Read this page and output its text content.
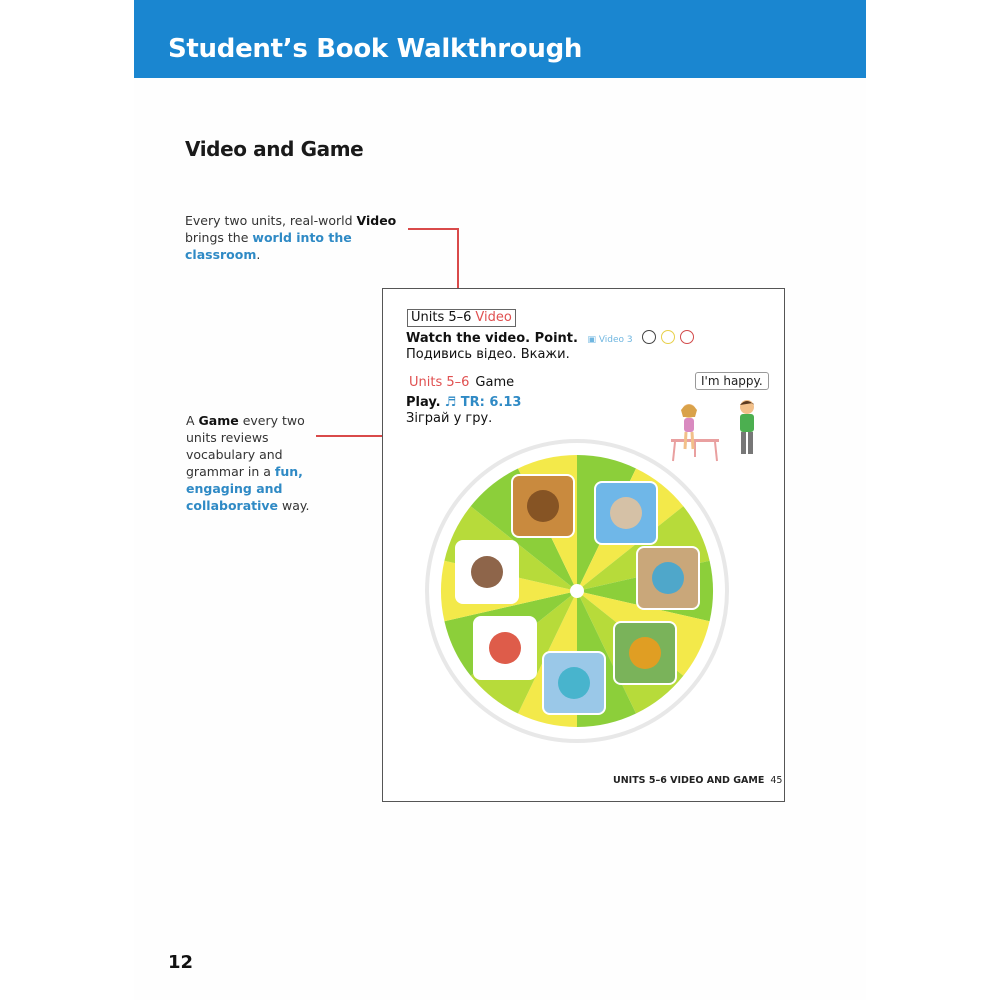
Student’s Book Walkthrough
Video and Game
Every two units, real-world Video brings the world into the classroom.
A Game every two units reviews vocabulary and grammar in a fun, engaging and collaborative way.
Units 5–6 Video
Watch the video. Point. ▣ Video 3
Подивись відео. Вкажи.
Units 5–6 Game
Play. ♬ TR: 6.13
Зіграй у гру.
I'm happy.
UNITS 5–6 VIDEO AND GAME 45
12
